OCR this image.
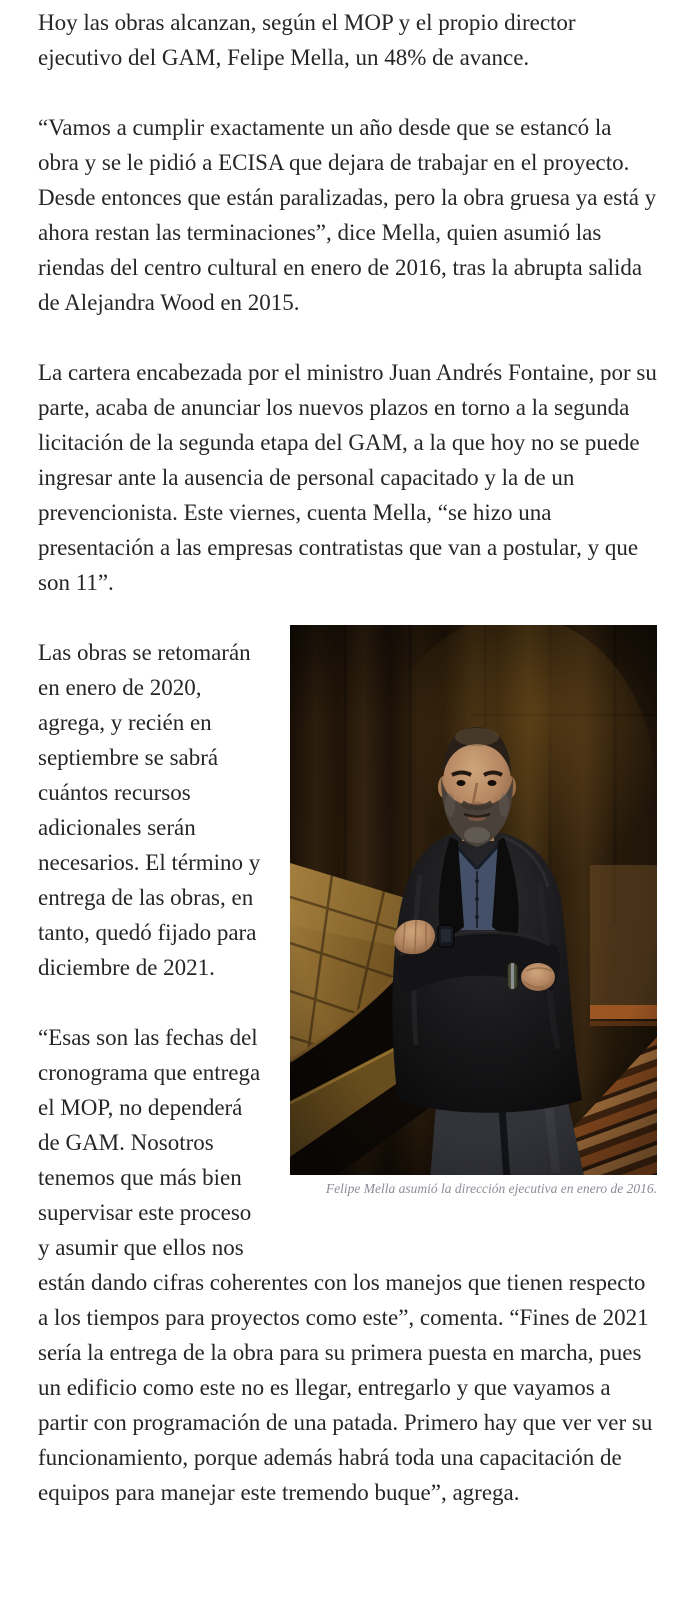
Hoy las obras alcanzan, según el MOP y el propio director ejecutivo del GAM, Felipe Mella, un 48% de avance.

“Vamos a cumplir exactamente un año desde que se estancó la obra y se le pidió a ECISA que dejara de trabajar en el proyecto. Desde entonces que están paralizadas, pero la obra gruesa ya está y ahora restan las terminaciones”, dice Mella, quien asumió las riendas del centro cultural en enero de 2016, tras la abrupta salida de Alejandra Wood en 2015.

La cartera encabezada por el ministro Juan Andrés Fontaine, por su parte, acaba de anunciar los nuevos plazos en torno a la segunda licitación de la segunda etapa del GAM, a la que hoy no se puede ingresar ante la ausencia de personal capacitado y la de un prevencionista. Este viernes, cuenta Mella, “se hizo una presentación a las empresas contratistas que van a postular, y que son 11”.

Felipe Mella asumió la dirección ejecutiva en enero de 2016.

Las obras se retomarán en enero de 2020, agrega, y recién en septiembre se sabrá cuántos recursos adicionales serán necesarios. El término y entrega de las obras, en tanto, quedó fijado para diciembre de 2021.

“Esas son las fechas del cronograma que entrega el MOP, no dependerá de GAM. Nosotros tenemos que más bien supervisar este proceso y asumir que ellos nos están dando cifras coherentes con los manejos que tienen respecto a los tiempos para proyectos como este”, comenta. “Fines de 2021 sería la entrega de la obra para su primera puesta en marcha, pues un edificio como este no es llegar, entregarlo y que vayamos a partir con programación de una patada. Primero hay que ver ver su funcionamiento, porque además habrá toda una capacitación de equipos para manejar este tremendo buque”, agrega.
